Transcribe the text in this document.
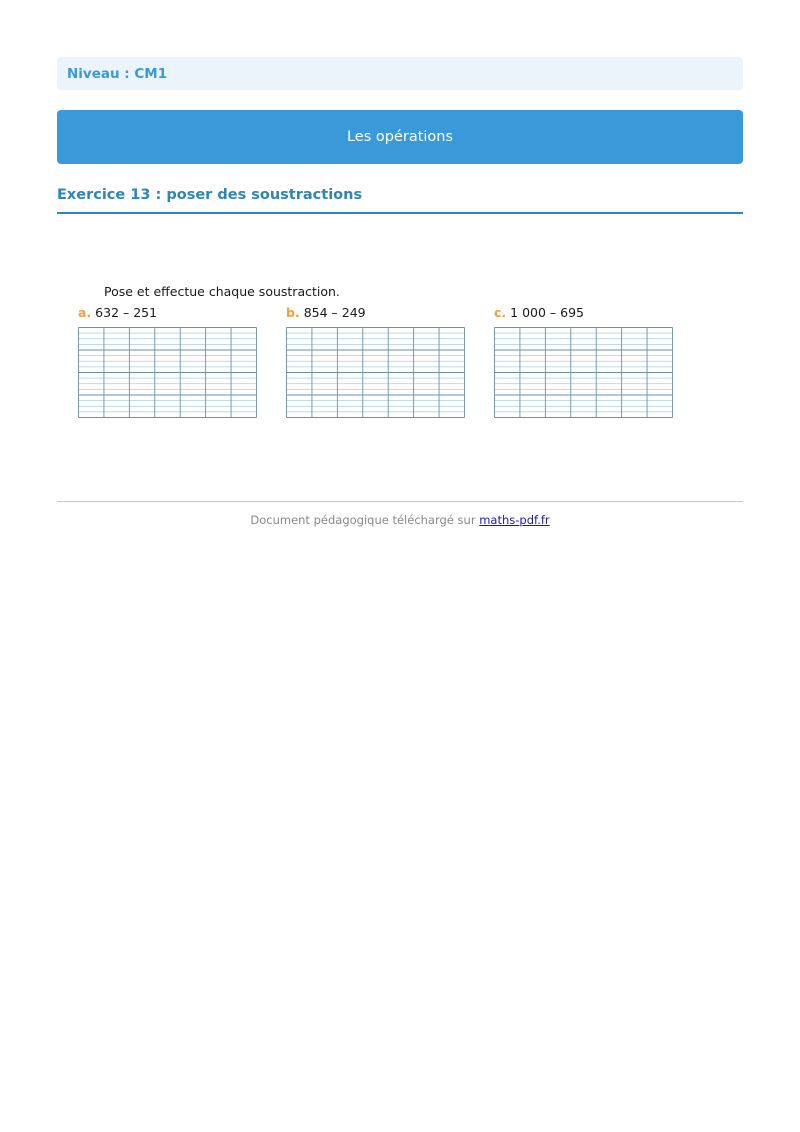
Niveau : CM1
Les opérations
Exercice 13 : poser des soustractions
Pose et effectue chaque soustraction.
a. 632 – 251	b. 854 – 249	c. 1 000 – 695
Document pédagogique téléchargé sur maths-pdf.fr
